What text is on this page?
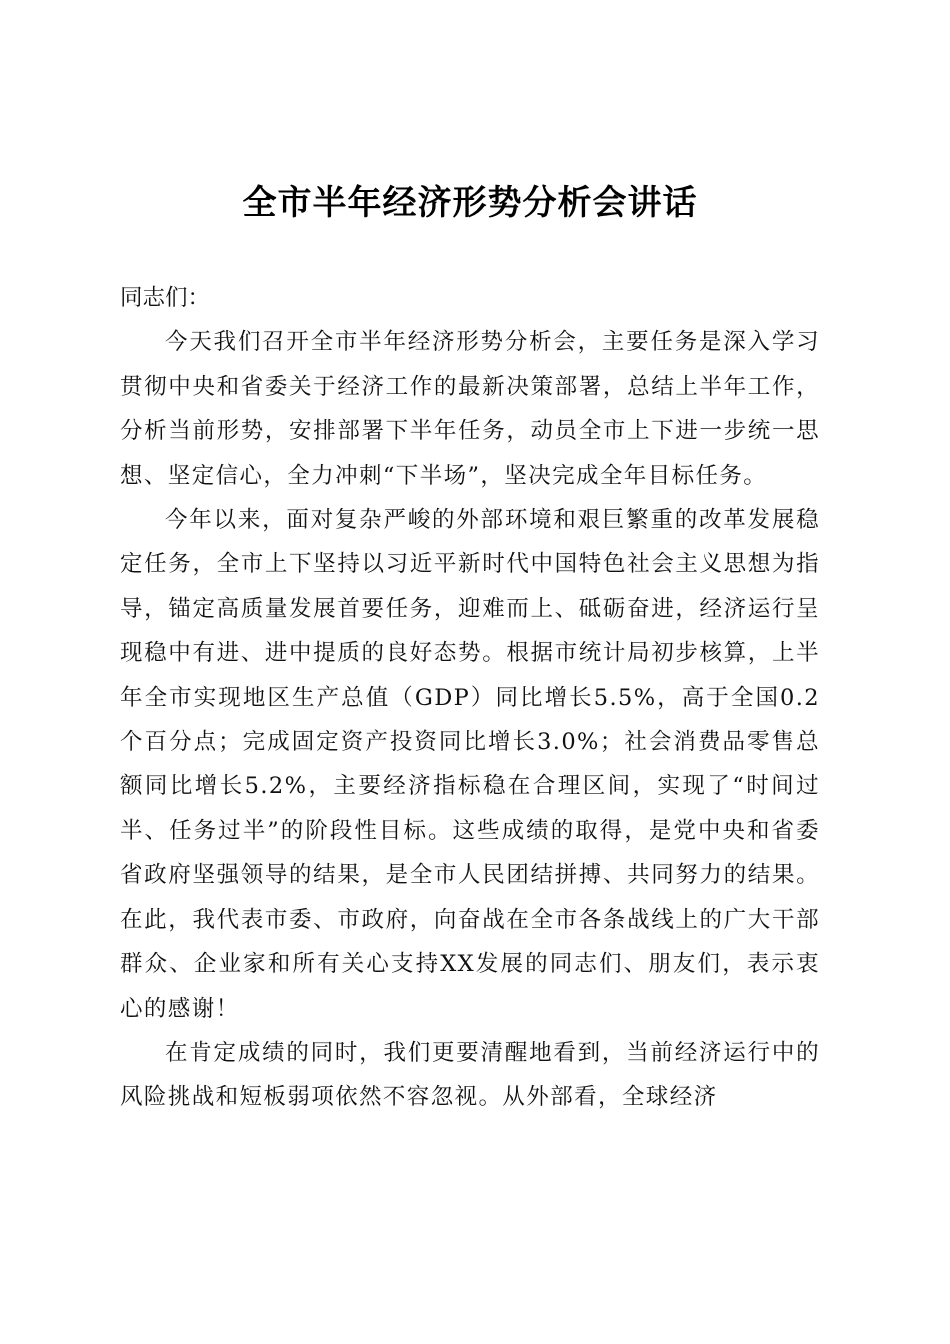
全市半年经济形势分析会讲话

同志们：

今天我们召开全市半年经济形势分析会，主要任务是深入学习贯彻中央和省委关于经济工作的最新决策部署，总结上半年工作，分析当前形势，安排部署下半年任务，动员全市上下进一步统一思想、坚定信心，全力冲刺“下半场”，坚决完成全年目标任务。

今年以来，面对复杂严峻的外部环境和艰巨繁重的改革发展稳定任务，全市上下坚持以习近平新时代中国特色社会主义思想为指导，锚定高质量发展首要任务，迎难而上、砥砺奋进，经济运行呈现稳中有进、进中提质的良好态势。根据市统计局初步核算，上半年全市实现地区生产总值（GDP）同比增长5.5%，高于全国0.2个百分点；完成固定资产投资同比增长3.0%；社会消费品零售总额同比增长5.2%，主要经济指标稳在合理区间，实现了“时间过半、任务过半”的阶段性目标。这些成绩的取得，是党中央和省委省政府坚强领导的结果，是全市人民团结拼搏、共同努力的结果。在此，我代表市委、市政府，向奋战在全市各条战线上的广大干部群众、企业家和所有关心支持XX发展的同志们、朋友们，表示衷心的感谢！

在肯定成绩的同时，我们更要清醒地看到，当前经济运行中的风险挑战和短板弱项依然不容忽视。从外部看，全球经济
